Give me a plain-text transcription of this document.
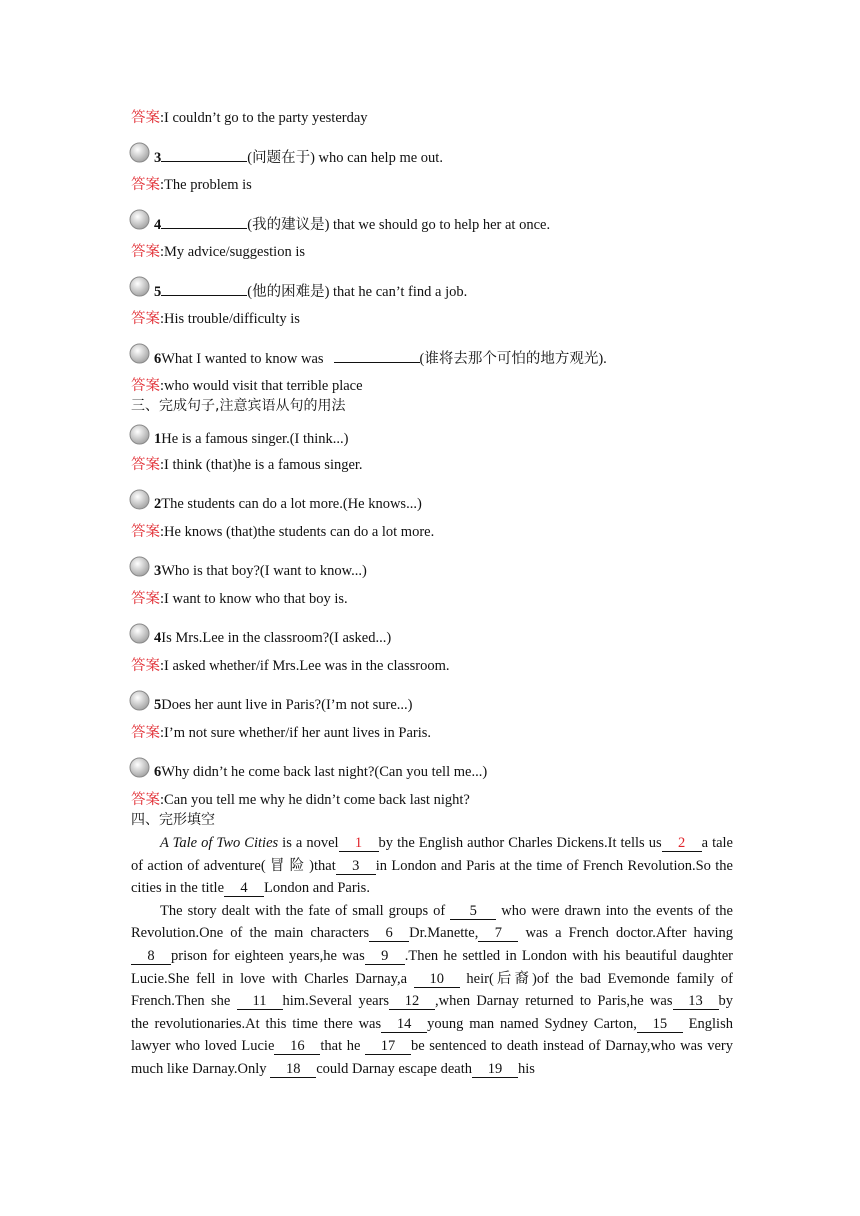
答案:I couldn’t go to the party yesterday
3	(问题在于) who can help me out.
答案:The problem is
4	(我的建议是) that we should go to help her at once.
答案:My advice/suggestion is
5	(他的困难是) that he can’t find a job.
答案:His trouble/difficulty is
6What I wanted to know was	(谁将去那个可怕的地方观光).
答案:who would visit that terrible place
三、完成句子,注意宾语从句的用法
1He is a famous singer.(I think...)
答案:I think (that)he is a famous singer.
2The students can do a lot more.(He knows...)
答案:He knows (that)the students can do a lot more.
3Who is that boy?(I want to know...)
答案:I want to know who that boy is.
4Is Mrs.Lee in the classroom?(I asked...)
答案:I asked whether/if Mrs.Lee was in the classroom.
5Does her aunt live in Paris?(I’m not sure...)
答案:I’m not sure whether/if her aunt lives in Paris.
6Why didn’t he come back last night?(Can you tell me...)
答案:Can you tell me why he didn’t come back last night?
四、完形填空
A Tale of Two Cities is a novel 1 by the English author Charles Dickens.It tells us 2 a tale of action of adventure( 冒 险 )that 3 in London and Paris at the time of French Revolution.So the cities in the title 4 London and Paris.
The story dealt with the fate of small groups of 5 who were drawn into the events of the Revolution.One of the main characters 6 Dr.Manette, 7 was a French doctor.After having8 prison for eighteen years,he was 9 .Then he settled in London with his beautiful daughter Lucie.She fell in love with Charles Darnay,a 10 heir(后裔)of the bad Evemonde family of French.Then she 11 him.Several years 12 ,when Darnay returned to Paris,he was 13 by the revolutionaries.At this time there was 14 young man named Sydney Carton, 15 English lawyer who loved Lucie 16 that he 17 be sentenced to death instead of Darnay,who was very much like Darnay.Only 18 could Darnay escape death 19 his
